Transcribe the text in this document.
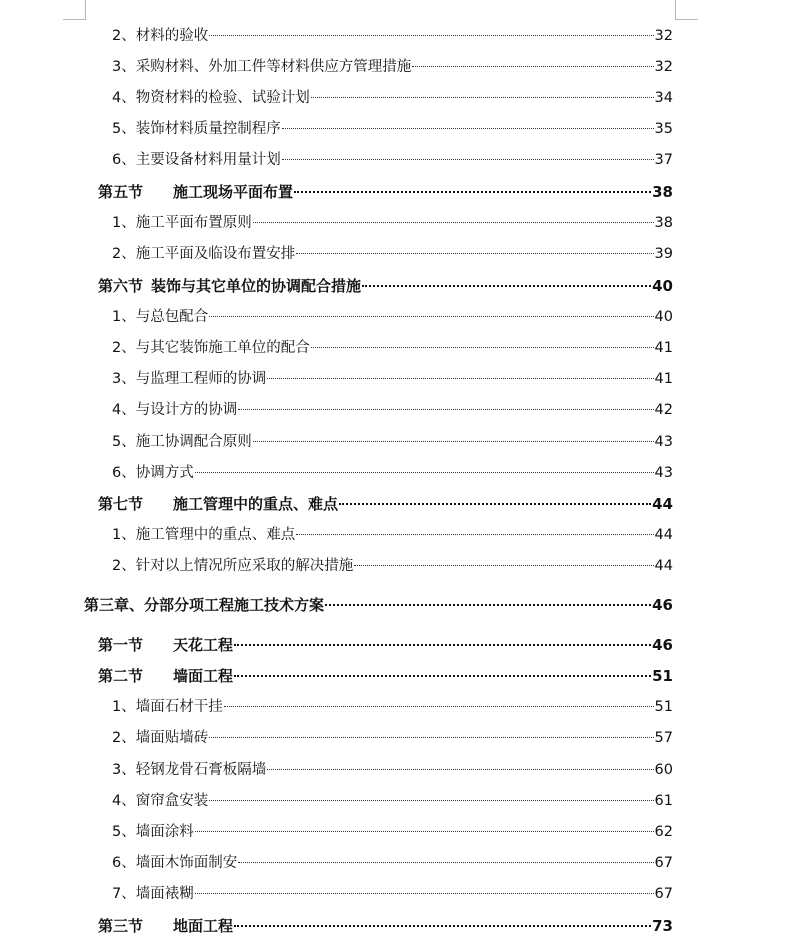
2、材料的验收	32
3、采购材料、外加工件等材料供应方管理措施	32
4、物资材料的检验、试验计划	34
5、装饰材料质量控制程序	35
6、主要设备材料用量计划	37
第五节 施工现场平面布置	38
1、施工平面布置原则	38
2、施工平面及临设布置安排	39
第六节 装饰与其它单位的协调配合措施	40
1、与总包配合	40
2、与其它装饰施工单位的配合	41
3、与监理工程师的协调	41
4、与设计方的协调	42
5、施工协调配合原则	43
6、协调方式	43
第七节 施工管理中的重点、难点	44
1、施工管理中的重点、难点	44
2、针对以上情况所应采取的解决措施	44
第三章、分部分项工程施工技术方案	46
第一节 天花工程	46
第二节 墙面工程	51
1、墙面石材干挂	51
2、墙面贴墙砖	57
3、轻钢龙骨石膏板隔墙	60
4、窗帘盒安装	61
5、墙面涂料	62
6、墙面木饰面制安	67
7、墙面裱糊	67
第三节 地面工程	73
